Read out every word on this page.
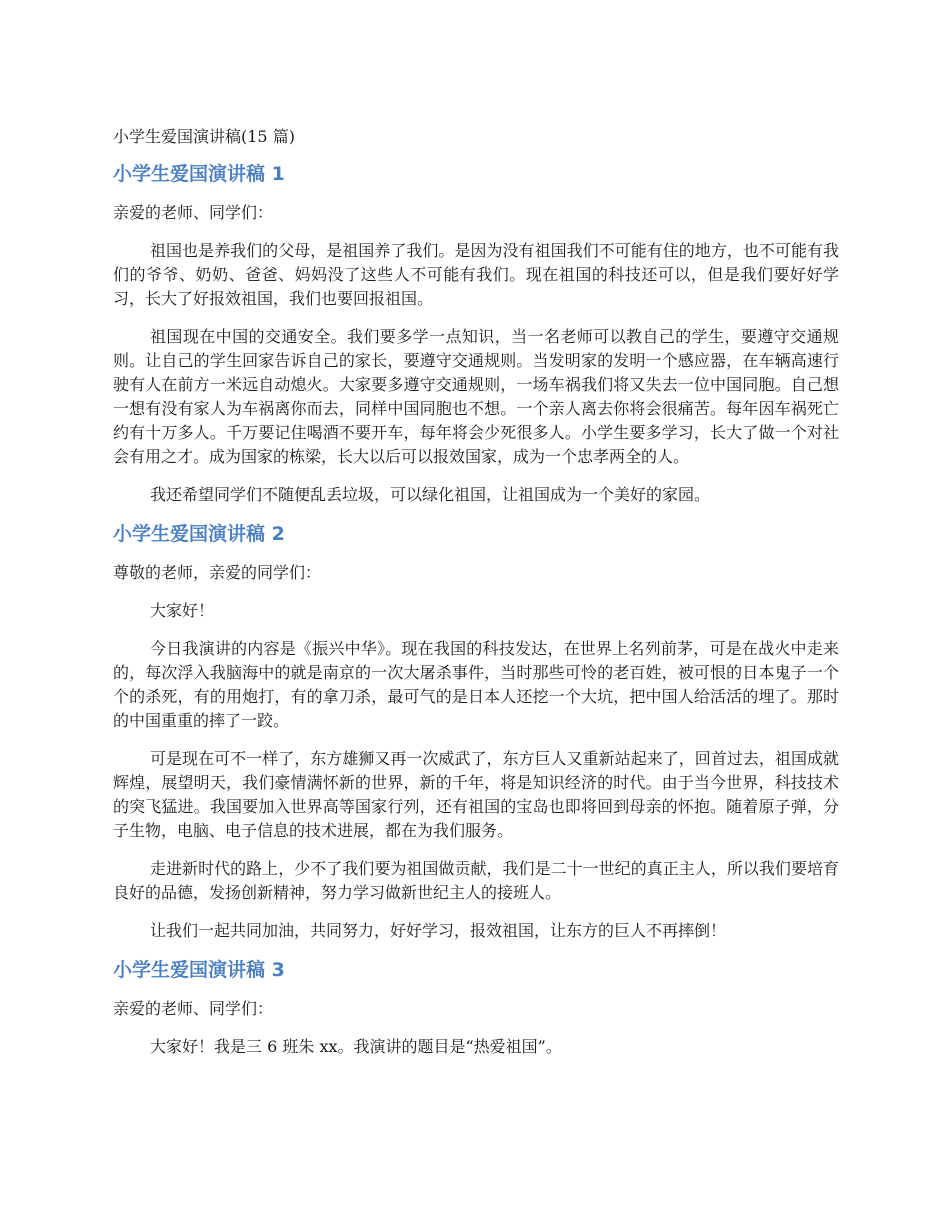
小学生爱国演讲稿(15 篇)
小学生爱国演讲稿 1

亲爱的老师、同学们：

祖国也是养我们的父母，是祖国养了我们。是因为没有祖国我们不可能有住的地方，也不可能有我们的爷爷、奶奶、爸爸、妈妈没了这些人不可能有我们。现在祖国的科技还可以，但是我们要好好学习，长大了好报效祖国，我们也要回报祖国。

祖国现在中国的交通安全。我们要多学一点知识，当一名老师可以教自己的学生，要遵守交通规则。让自己的学生回家告诉自己的家长，要遵守交通规则。当发明家的发明一个感应器，在车辆高速行驶有人在前方一米远自动熄火。大家要多遵守交通规则，一场车祸我们将又失去一位中国同胞。自己想一想有没有家人为车祸离你而去，同样中国同胞也不想。一个亲人离去你将会很痛苦。每年因车祸死亡约有十万多人。千万要记住喝酒不要开车，每年将会少死很多人。小学生要多学习，长大了做一个对社会有用之才。成为国家的栋梁，长大以后可以报效国家，成为一个忠孝两全的人。

我还希望同学们不随便乱丢垃圾，可以绿化祖国，让祖国成为一个美好的家园。

小学生爱国演讲稿 2

尊敬的老师，亲爱的同学们：

大家好！

今日我演讲的内容是《振兴中华》。现在我国的科技发达，在世界上名列前茅，可是在战火中走来的，每次浮入我脑海中的就是南京的一次大屠杀事件，当时那些可怜的老百姓，被可恨的日本鬼子一个个的杀死，有的用炮打，有的拿刀杀，最可气的是日本人还挖一个大坑，把中国人给活活的埋了。那时的中国重重的摔了一跤。

可是现在可不一样了，东方雄狮又再一次威武了，东方巨人又重新站起来了，回首过去，祖国成就辉煌，展望明天，我们豪情满怀新的世界，新的千年，将是知识经济的时代。由于当今世界，科技技术的突飞猛进。我国要加入世界高等国家行列，还有祖国的宝岛也即将回到母亲的怀抱。随着原子弹，分子生物，电脑、电子信息的技术进展，都在为我们服务。

走进新时代的路上，少不了我们要为祖国做贡献，我们是二十一世纪的真正主人，所以我们要培育良好的品德，发扬创新精神，努力学习做新世纪主人的接班人。

让我们一起共同加油，共同努力，好好学习，报效祖国，让东方的巨人不再摔倒！

小学生爱国演讲稿 3

亲爱的老师、同学们：

大家好！我是三 6 班朱 xx。我演讲的题目是“热爱祖国”。
